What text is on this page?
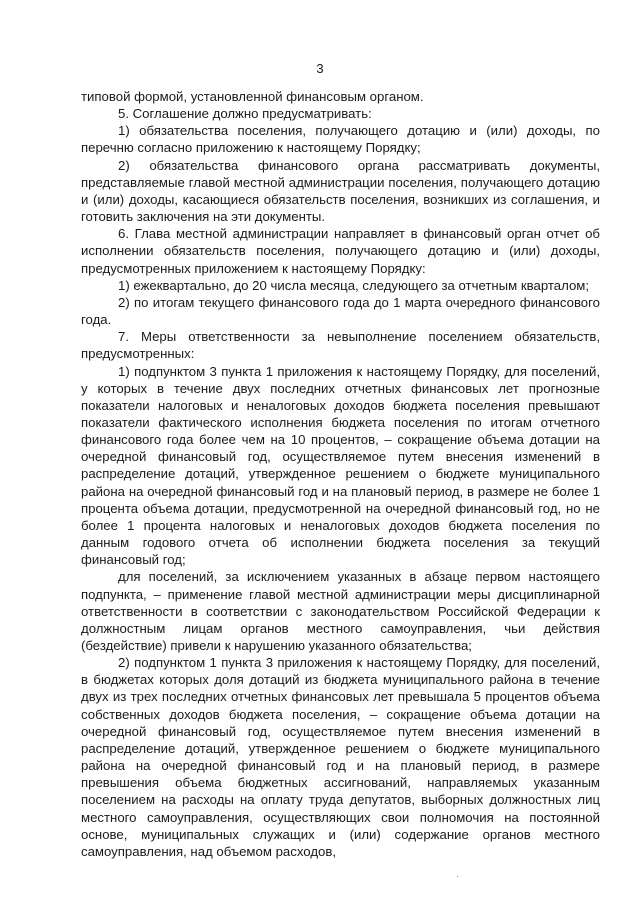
3

типовой формой, установленной финансовым органом.

5. Соглашение должно предусматривать:

1) обязательства поселения, получающего дотацию и (или) доходы, по перечню согласно приложению к настоящему Порядку;

2) обязательства финансового органа рассматривать документы, представляемые главой местной администрации поселения, получающего дотацию и (или) доходы, касающиеся обязательств поселения, возникших из соглашения, и готовить заключения на эти документы.

6. Глава местной администрации направляет в финансовый орган отчет об исполнении обязательств поселения, получающего дотацию и (или) доходы, предусмотренных приложением к настоящему Порядку:

1) ежеквартально, до 20 числа месяца, следующего за отчетным кварталом;

2) по итогам текущего финансового года до 1 марта очередного финансового года.

7. Меры ответственности за невыполнение поселением обязательств, предусмотренных:

1) подпунктом 3 пункта 1 приложения к настоящему Порядку, для поселений, у которых в течение двух последних отчетных финансовых лет прогнозные показатели налоговых и неналоговых доходов бюджета поселения превышают показатели фактического исполнения бюджета поселения по итогам отчетного финансового года более чем на 10 процентов, – сокращение объема дотации на очередной финансовый год, осуществляемое путем внесения изменений в распределение дотаций, утвержденное решением о бюджете муниципального района на очередной финансовый год и на плановый период, в размере не более 1 процента объема дотации, предусмотренной на очередной финансовый год, но не более 1 процента налоговых и неналоговых доходов бюджета поселения по данным годового отчета об исполнении бюджета поселения за текущий финансовый год;

для поселений, за исключением указанных в абзаце первом настоящего подпункта, – применение главой местной администрации меры дисциплинарной ответственности в соответствии с законодательством Российской Федерации к должностным лицам органов местного самоуправления, чьи действия (бездействие) привели к нарушению указанного обязательства;

2) подпунктом 1 пункта 3 приложения к настоящему Порядку, для поселений, в бюджетах которых доля дотаций из бюджета муниципального района в течение двух из трех последних отчетных финансовых лет превышала 5 процентов объема собственных доходов бюджета поселения, – сокращение объема дотации на очередной финансовый год, осуществляемое путем внесения изменений в распределение дотаций, утвержденное решением о бюджете муниципального района на очередной финансовый год и на плановый период, в размере превышения объема бюджетных ассигнований, направляемых указанным поселением на расходы на оплату труда депутатов, выборных должностных лиц местного самоуправления, осуществляющих свои полномочия на постоянной основе, муниципальных служащих и (или) содержание органов местного самоуправления, над объемом расходов,
